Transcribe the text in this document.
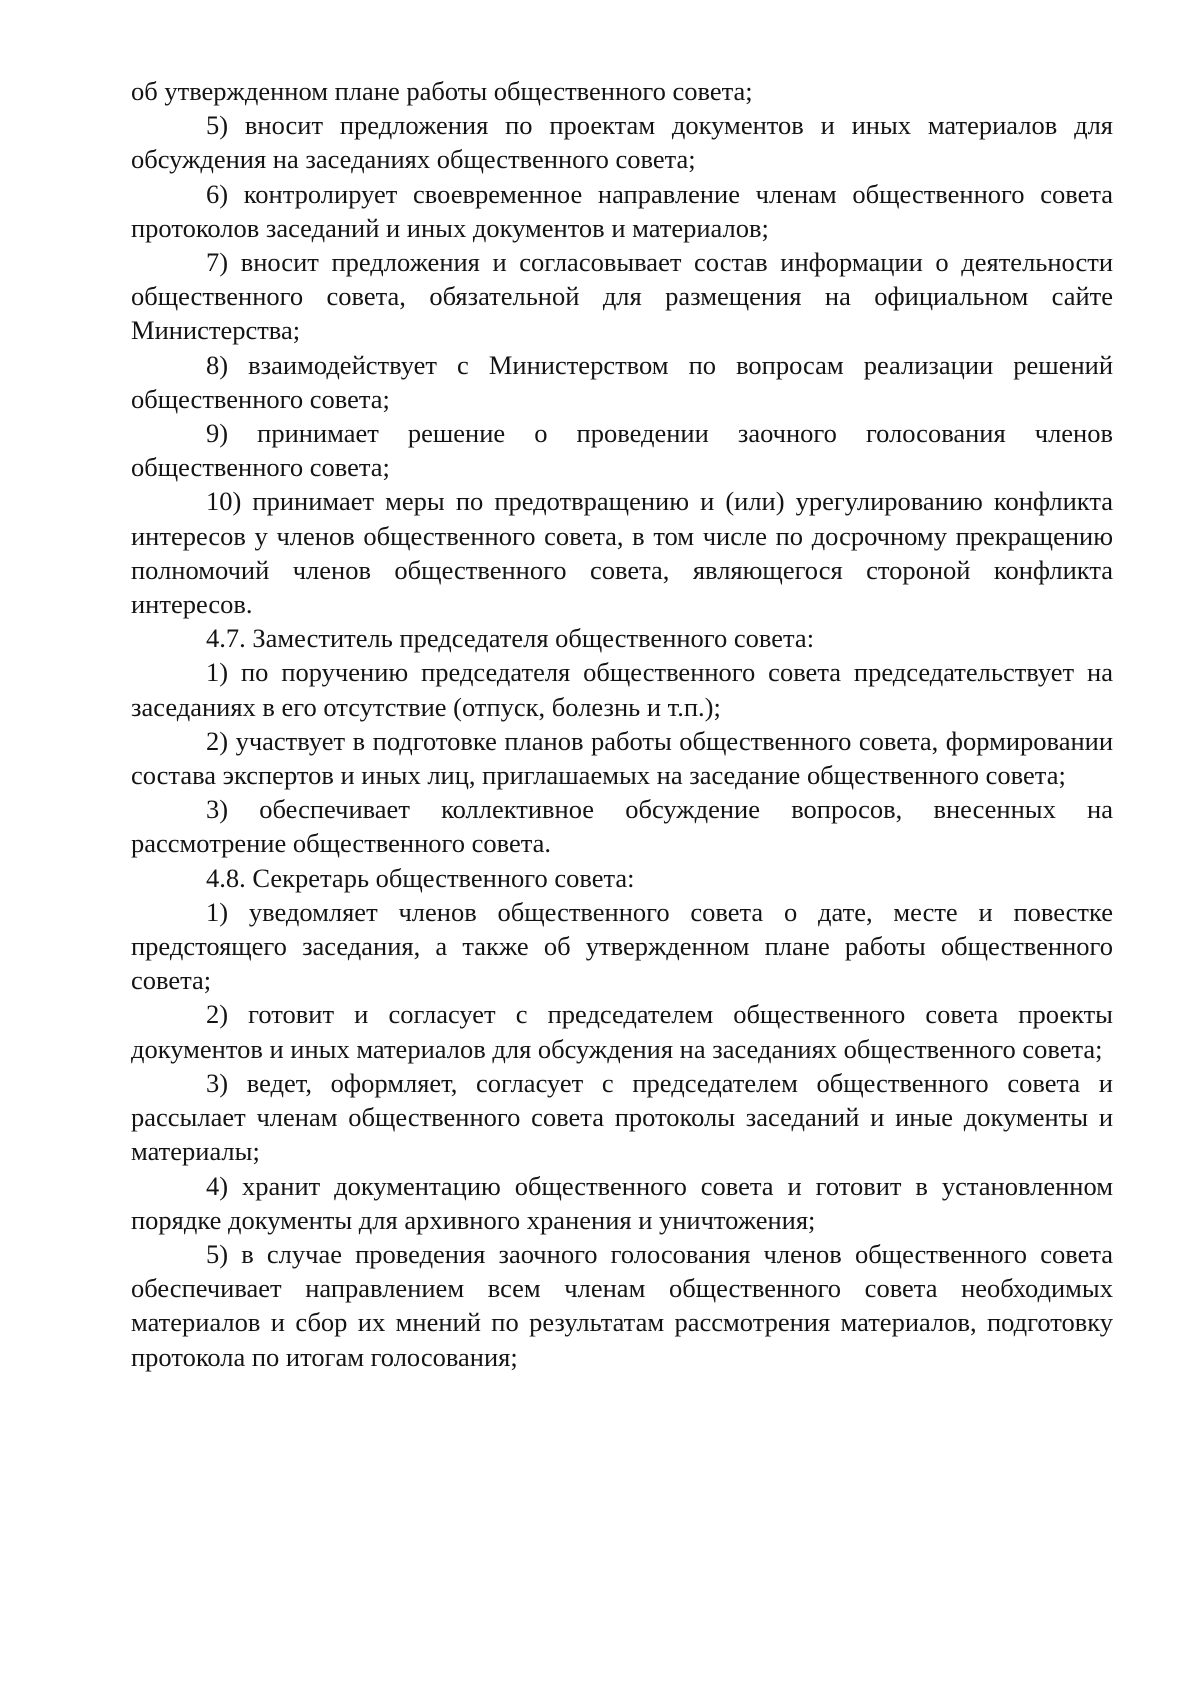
об утвержденном плане работы общественного совета;

5) вносит предложения по проектам документов и иных материалов для обсуждения на заседаниях общественного совета;

6) контролирует своевременное направление членам общественного совета протоколов заседаний и иных документов и материалов;

7) вносит предложения и согласовывает состав информации о деятельности общественного совета, обязательной для размещения на официальном сайте Министерства;

8) взаимодействует с Министерством по вопросам реализации решений общественного совета;

9) принимает решение о проведении заочного голосования членов общественного совета;

10) принимает меры по предотвращению и (или) урегулированию конфликта интересов у членов общественного совета, в том числе по досрочному прекращению полномочий членов общественного совета, являющегося стороной конфликта интересов.

4.7. Заместитель председателя общественного совета:

1) по поручению председателя общественного совета председательствует на заседаниях в его отсутствие (отпуск, болезнь и т.п.);

2) участвует в подготовке планов работы общественного совета, формировании состава экспертов и иных лиц, приглашаемых на заседание общественного совета;

3) обеспечивает коллективное обсуждение вопросов, внесенных на рассмотрение общественного совета.

4.8. Секретарь общественного совета:

1) уведомляет членов общественного совета о дате, месте и повестке предстоящего заседания, а также об утвержденном плане работы общественного совета;

2) готовит и согласует с председателем общественного совета проекты документов и иных материалов для обсуждения на заседаниях общественного совета;

3) ведет, оформляет, согласует с председателем общественного совета и рассылает членам общественного совета протоколы заседаний и иные документы и материалы;

4) хранит документацию общественного совета и готовит в установленном порядке документы для архивного хранения и уничтожения;

5) в случае проведения заочного голосования членов общественного совета обеспечивает направлением всем членам общественного совета необходимых материалов и сбор их мнений по результатам рассмотрения материалов, подготовку протокола по итогам голосования;
